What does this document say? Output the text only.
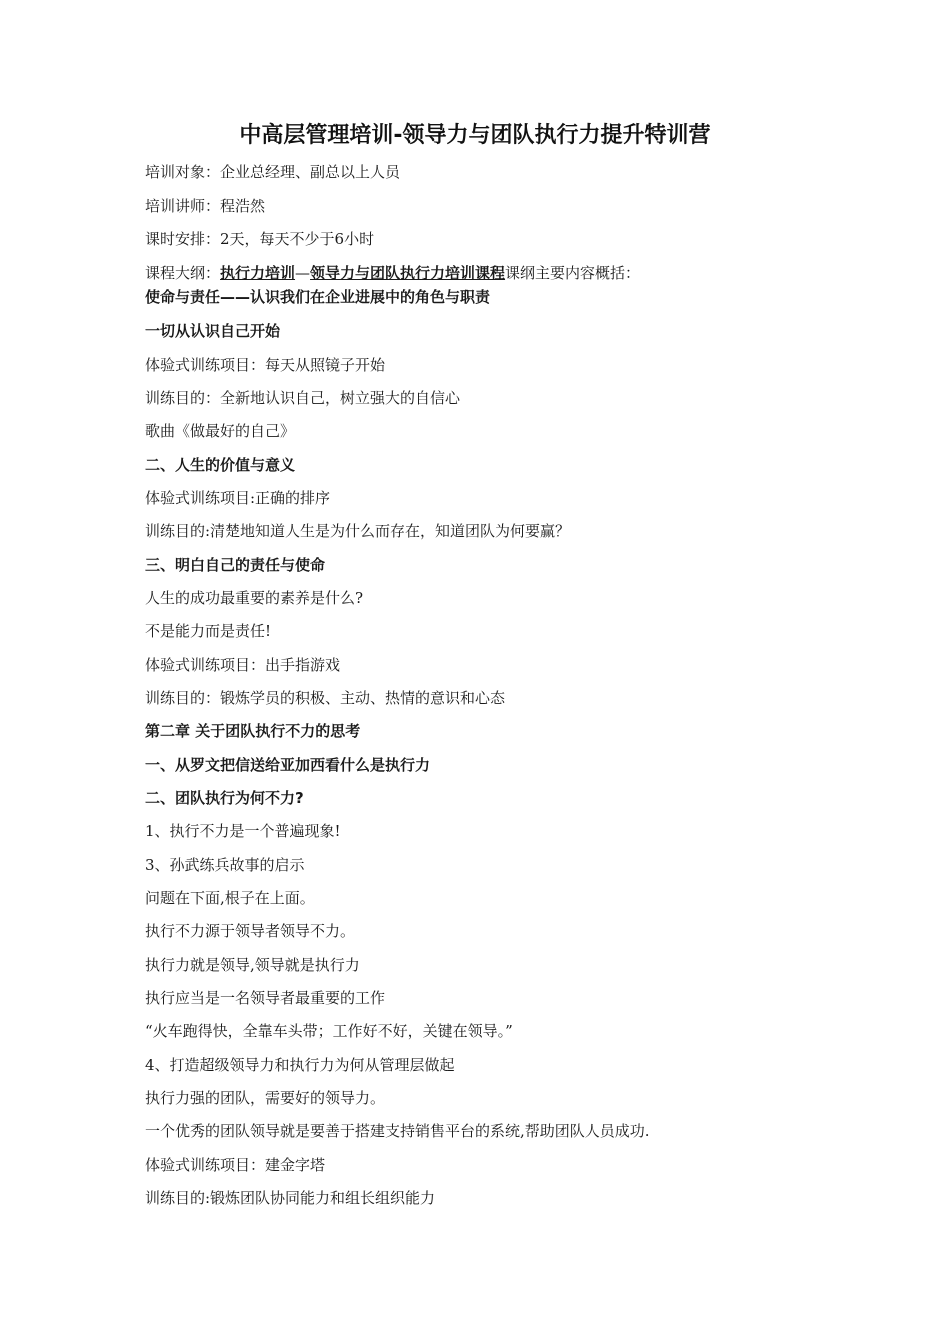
中高层管理培训-领导力与团队执行力提升特训营
培训对象：企业总经理、副总以上人员
培训讲师：程浩然
课时安排：2天，每天不少于6小时
课程大纲：执行力培训—领导力与团队执行力培训课程课纲主要内容概括：
使命与责任——认识我们在企业进展中的角色与职责
一切从认识自己开始
体验式训练项目：每天从照镜子开始
训练目的：全新地认识自己，树立强大的自信心
歌曲《做最好的自己》
二、人生的价值与意义
体验式训练项目:正确的排序
训练目的:清楚地知道人生是为什么而存在，知道团队为何要赢？
三、明白自己的责任与使命
人生的成功最重要的素养是什么?
不是能力而是责任!
体验式训练项目：出手指游戏
训练目的：锻炼学员的积极、主动、热情的意识和心态
第二章 关于团队执行不力的思考
一、从罗文把信送给亚加西看什么是执行力
二、团队执行为何不力?
1、执行不力是一个普遍现象!
3、孙武练兵故事的启示
问题在下面,根子在上面。
执行不力源于领导者领导不力。
执行力就是领导,领导就是执行力
执行应当是一名领导者最重要的工作
“火车跑得快，全靠车头带；工作好不好，关键在领导。”
4、打造超级领导力和执行力为何从管理层做起
执行力强的团队，需要好的领导力。
一个优秀的团队领导就是要善于搭建支持销售平台的系统,帮助团队人员成功.
体验式训练项目：建金字塔
训练目的:锻炼团队协同能力和组长组织能力
